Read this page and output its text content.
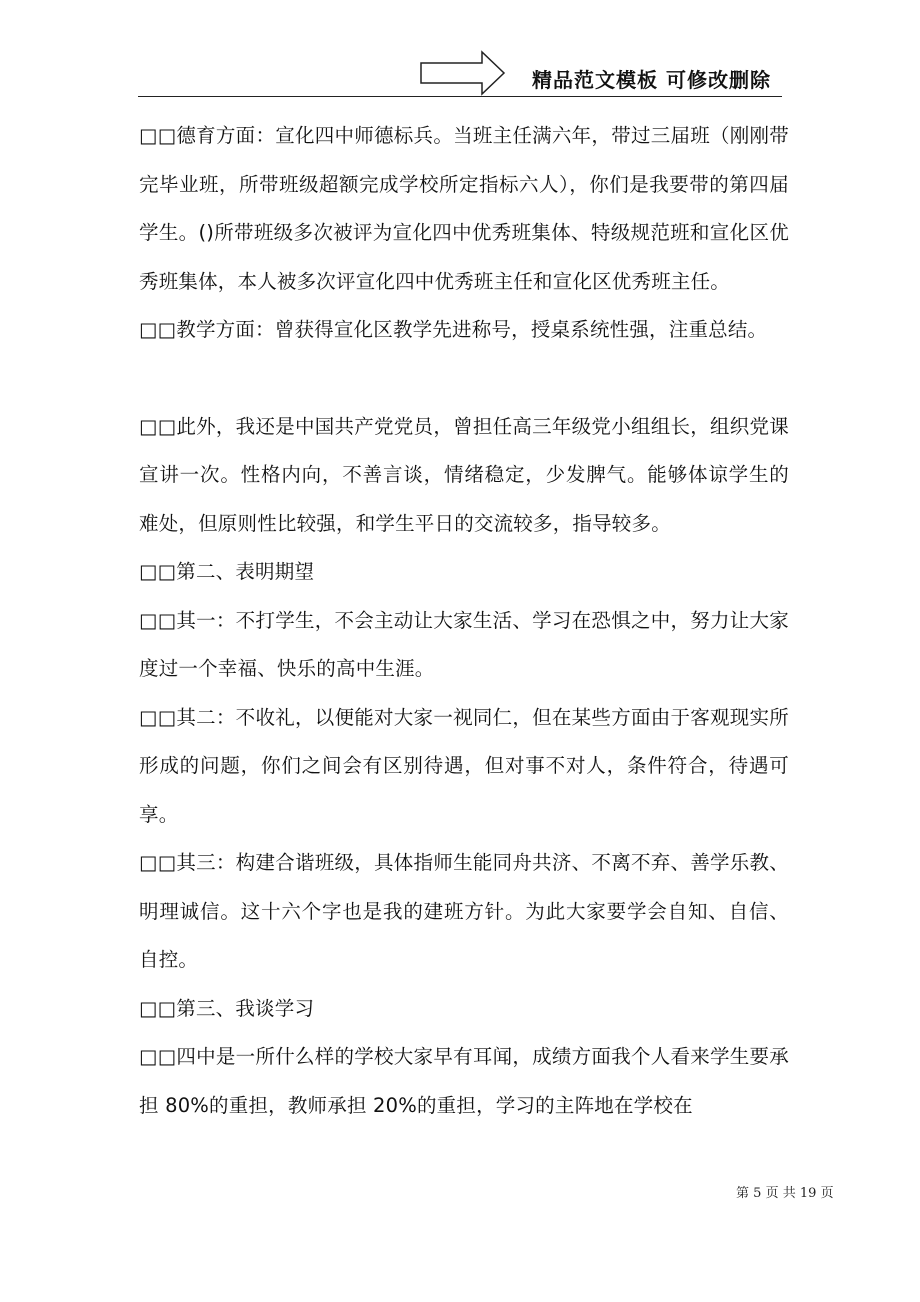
精品范文模板 可修改删除

□□德育方面：宣化四中师德标兵。当班主任满六年，带过三届班（刚刚带完毕业班，所带班级超额完成学校所定指标六人），你们是我要带的第四届学生。()所带班级多次被评为宣化四中优秀班集体、特级规范班和宣化区优秀班集体，本人被多次评宣化四中优秀班主任和宣化区优秀班主任。

□□教学方面：曾获得宣化区教学先进称号，授桌系统性强，注重总结。

□□此外，我还是中国共产党党员，曾担任高三年级党小组组长，组织党课宣讲一次。性格内向，不善言谈，情绪稳定，少发脾气。能够体谅学生的难处，但原则性比较强，和学生平日的交流较多，指导较多。

□□第二、表明期望

□□其一：不打学生，不会主动让大家生活、学习在恐惧之中，努力让大家度过一个幸福、快乐的高中生涯。

□□其二：不收礼，以便能对大家一视同仁，但在某些方面由于客观现实所形成的问题，你们之间会有区别待遇，但对事不对人，条件符合，待遇可享。

□□其三：构建合谐班级，具体指师生能同舟共济、不离不弃、善学乐教、明理诚信。这十六个字也是我的建班方针。为此大家要学会自知、自信、自控。

□□第三、我谈学习

□□四中是一所什么样的学校大家早有耳闻，成绩方面我个人看来学生要承担 80%的重担，教师承担 20%的重担，学习的主阵地在学校在

第 5 页 共 19 页
